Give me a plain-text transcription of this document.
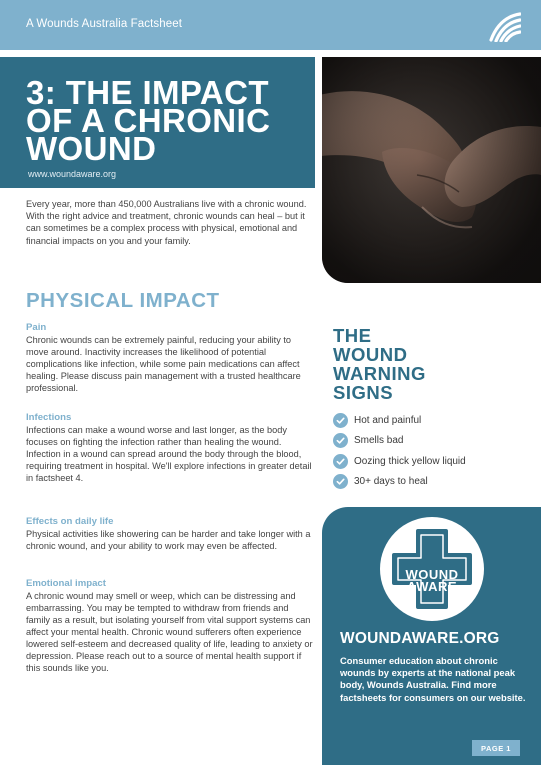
A Wounds Australia Factsheet
3: THE IMPACT
OF A CHRONIC
WOUND
www.woundaware.org

Every year, more than 450,000 Australians live with a chronic wound. With the right advice and treatment, chronic wounds can heal – but it can sometimes be a complex process with physical, emotional and financial impacts on you and your family.

PHYSICAL IMPACT
Pain

Chronic wounds can be extremely painful, reducing your ability to move around. Inactivity increases the likelihood of potential complications like infection, while some pain medications can affect healing. Please discuss pain management with a trusted healthcare professional.

Infections

Infections can make a wound worse and last longer, as the body focuses on fighting the infection rather than healing the wound. Infection in a wound can spread around the body through the blood, requiring treatment in hospital. We'll explore infections in greater detail in factsheet 4.

Effects on daily life

Physical activities like showering can be harder and take longer with a chronic wound, and your ability to work may even be affected.

Emotional impact

A chronic wound may smell or weep, which can be distressing and embarrassing. You may be tempted to withdraw from friends and family as a result, but isolating yourself from vital support systems can affect your mental health. Chronic wound sufferers often experience lowered self-esteem and decreased quality of life, leading to anxiety or depression. Please reach out to a source of mental health support if this sounds like you.

THE
WOUND
WARNING
SIGNS
Hot and painful
Smells bad
Oozing thick yellow liquid
30+ days to heal
WOUND
AWARE
.org
WOUNDAWARE.ORG

Consumer education about chronic wounds by experts at the national peak body, Wounds Australia. Find more factsheets for consumers on our website.

PAGE 1
